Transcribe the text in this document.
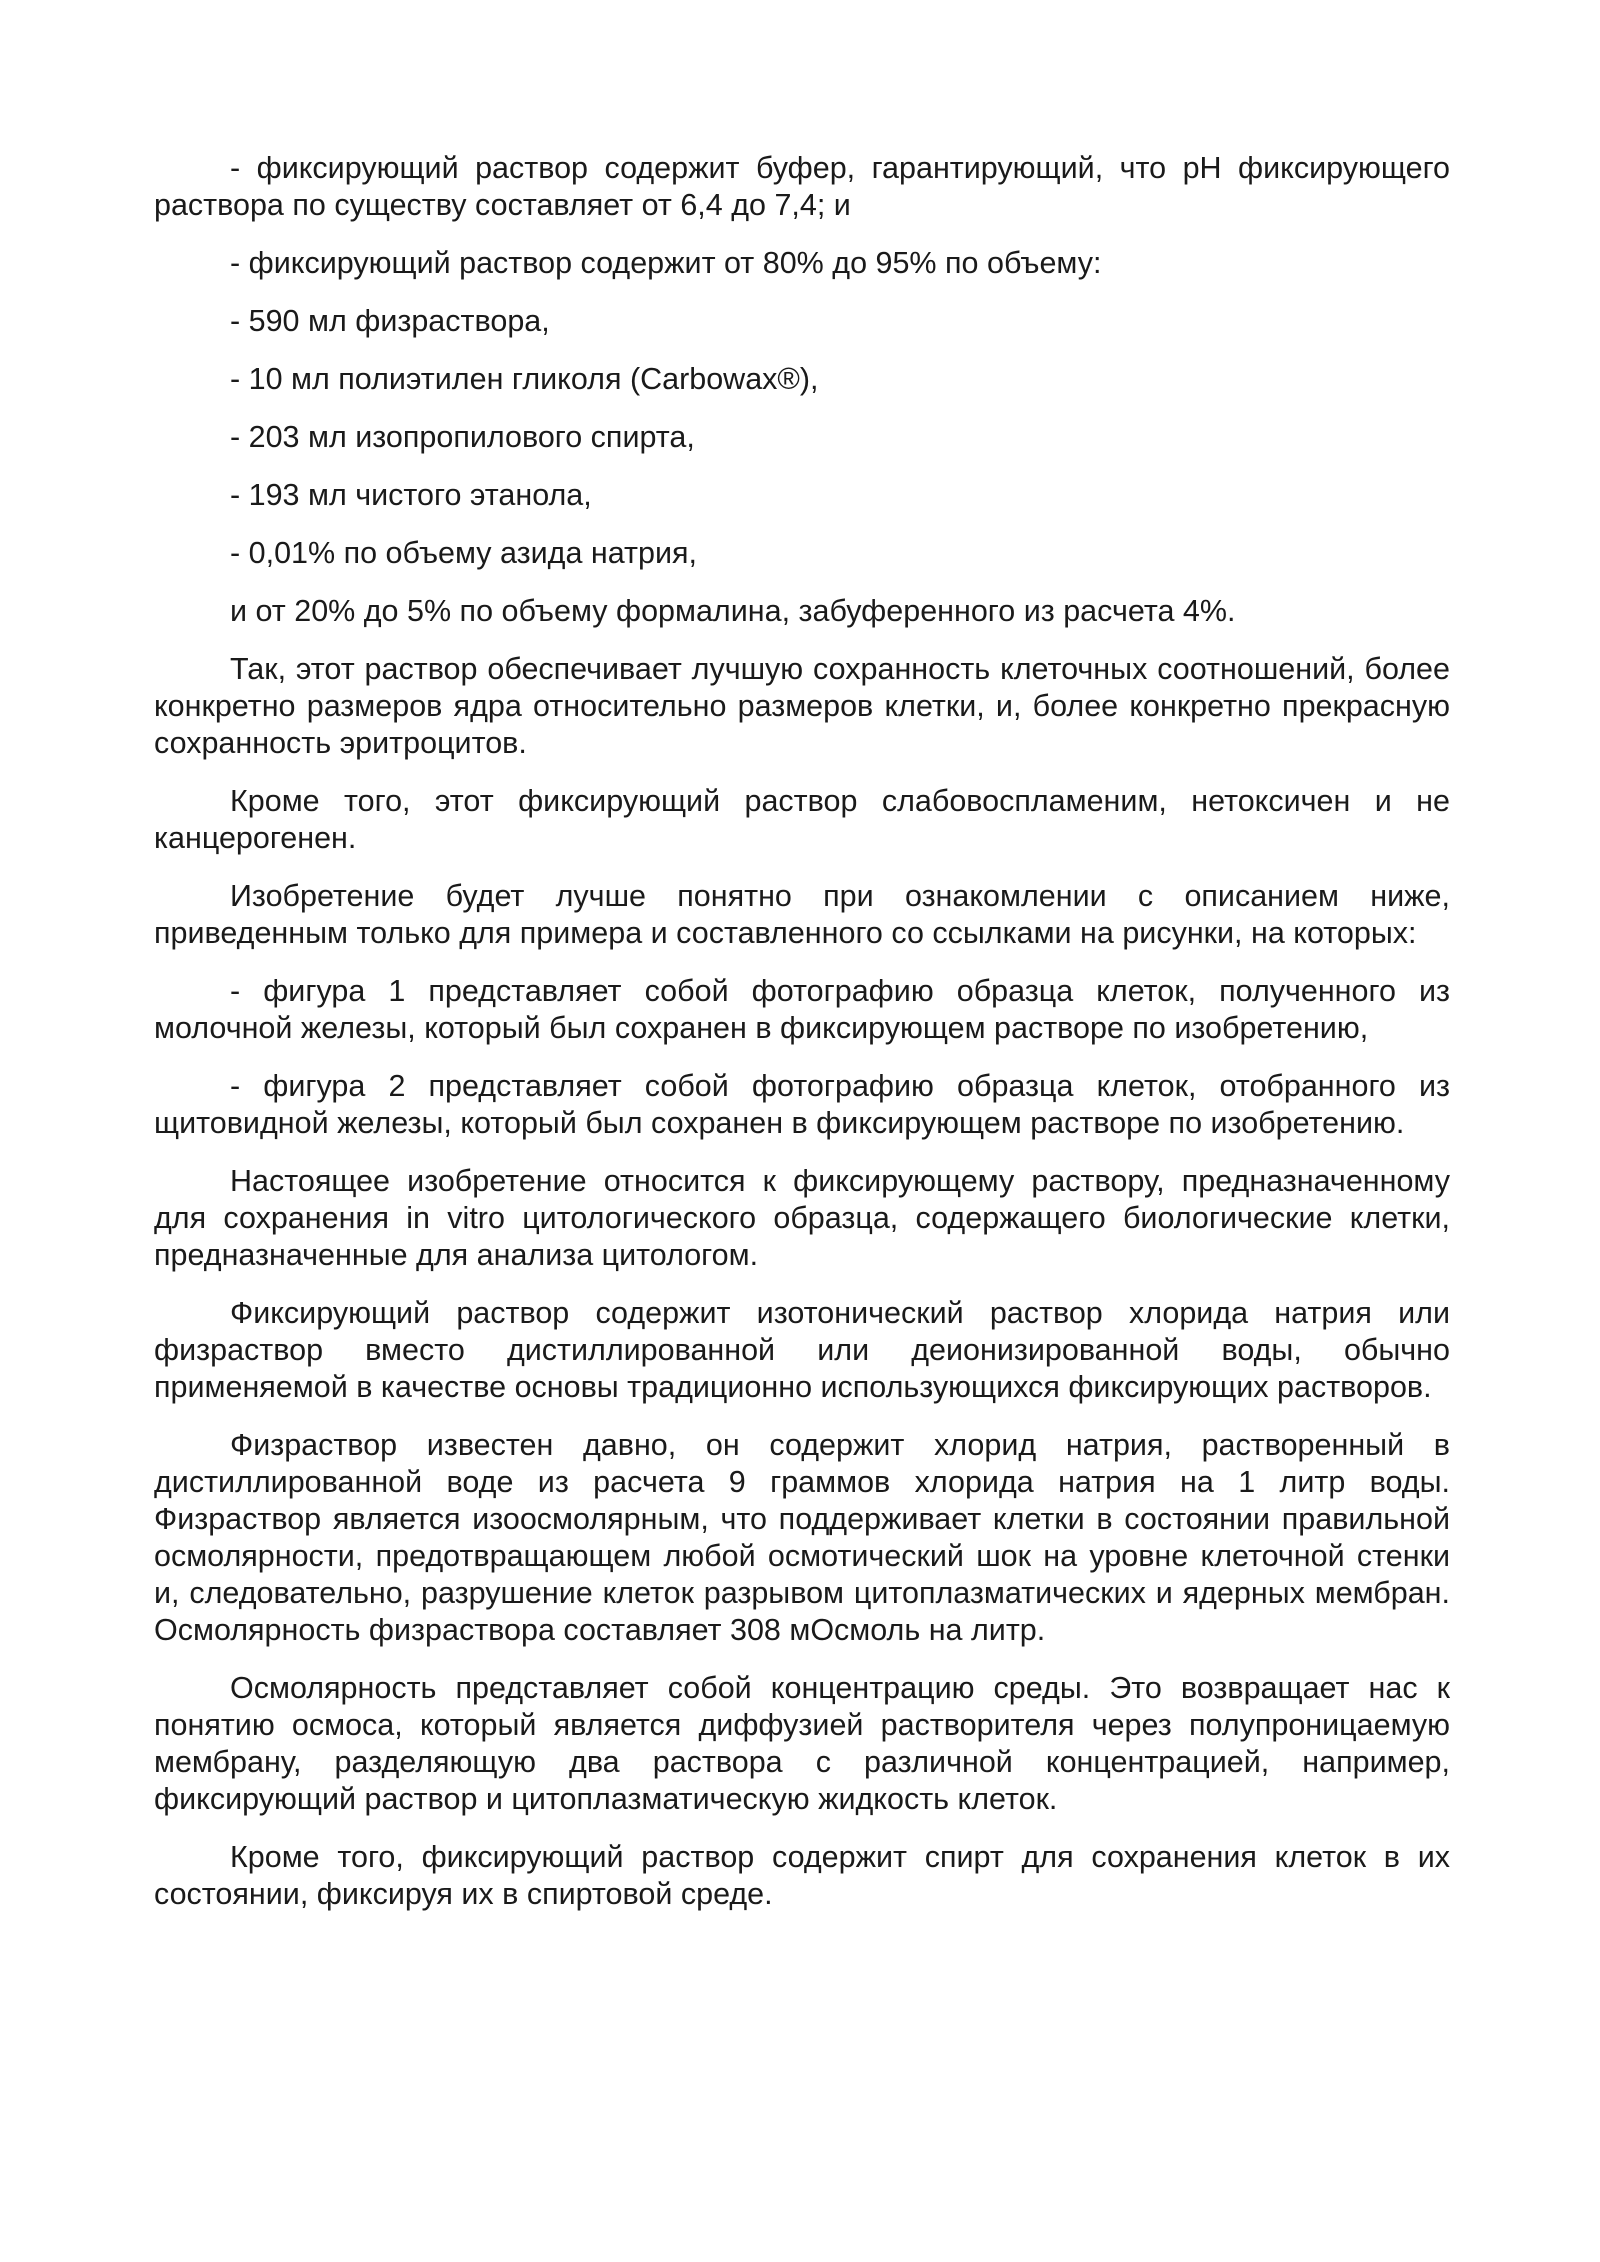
- фиксирующий раствор содержит буфер, гарантирующий, что pH фиксирующего раствора по существу составляет от 6,4 до 7,4; и

- фиксирующий раствор содержит от 80% до 95% по объему:

- 590 мл физраствора,

- 10 мл полиэтилен гликоля (Carbowax®),

- 203 мл изопропилового спирта,

- 193 мл чистого этанола,

- 0,01% по объему азида натрия,

и от 20% до 5% по объему формалина, забуференного из расчета 4%.

Так, этот раствор обеспечивает лучшую сохранность клеточных соотношений, более конкретно размеров ядра относительно размеров клетки, и, более конкретно прекрасную сохранность эритроцитов.

Кроме того, этот фиксирующий раствор слабовоспламеним, нетоксичен и не канцерогенен.

Изобретение будет лучше понятно при ознакомлении с описанием ниже, приведенным только для примера и составленного со ссылками на рисунки, на которых:

- фигура 1 представляет собой фотографию образца клеток, полученного из молочной железы, который был сохранен в фиксирующем растворе по изобретению,

- фигура 2 представляет собой фотографию образца клеток, отобранного из щитовидной железы, который был сохранен в фиксирующем растворе по изобретению.

Настоящее изобретение относится к фиксирующему раствору, предназначенному для сохранения in vitro цитологического образца, содержащего биологические клетки, предназначенные для анализа цитологом.

Фиксирующий раствор содержит изотонический раствор хлорида натрия или физраствор вместо дистиллированной или деионизированной воды, обычно применяемой в качестве основы традиционно использующихся фиксирующих растворов.

Физраствор известен давно, он содержит хлорид натрия, растворенный в дистиллированной воде из расчета 9 граммов хлорида натрия на 1 литр воды. Физраствор является изоосмолярным, что поддерживает клетки в состоянии правильной осмолярности, предотвращающем любой осмотический шок на уровне клеточной стенки и, следовательно, разрушение клеток разрывом цитоплазматических и ядерных мембран. Осмолярность физраствора составляет 308 мОсмоль на литр.

Осмолярность представляет собой концентрацию среды. Это возвращает нас к понятию осмоса, который является диффузией растворителя через полупроницаемую мембрану, разделяющую два раствора с различной концентрацией, например, фиксирующий раствор и цитоплазматическую жидкость клеток.

Кроме того, фиксирующий раствор содержит спирт для сохранения клеток в их состоянии, фиксируя их в спиртовой среде.
